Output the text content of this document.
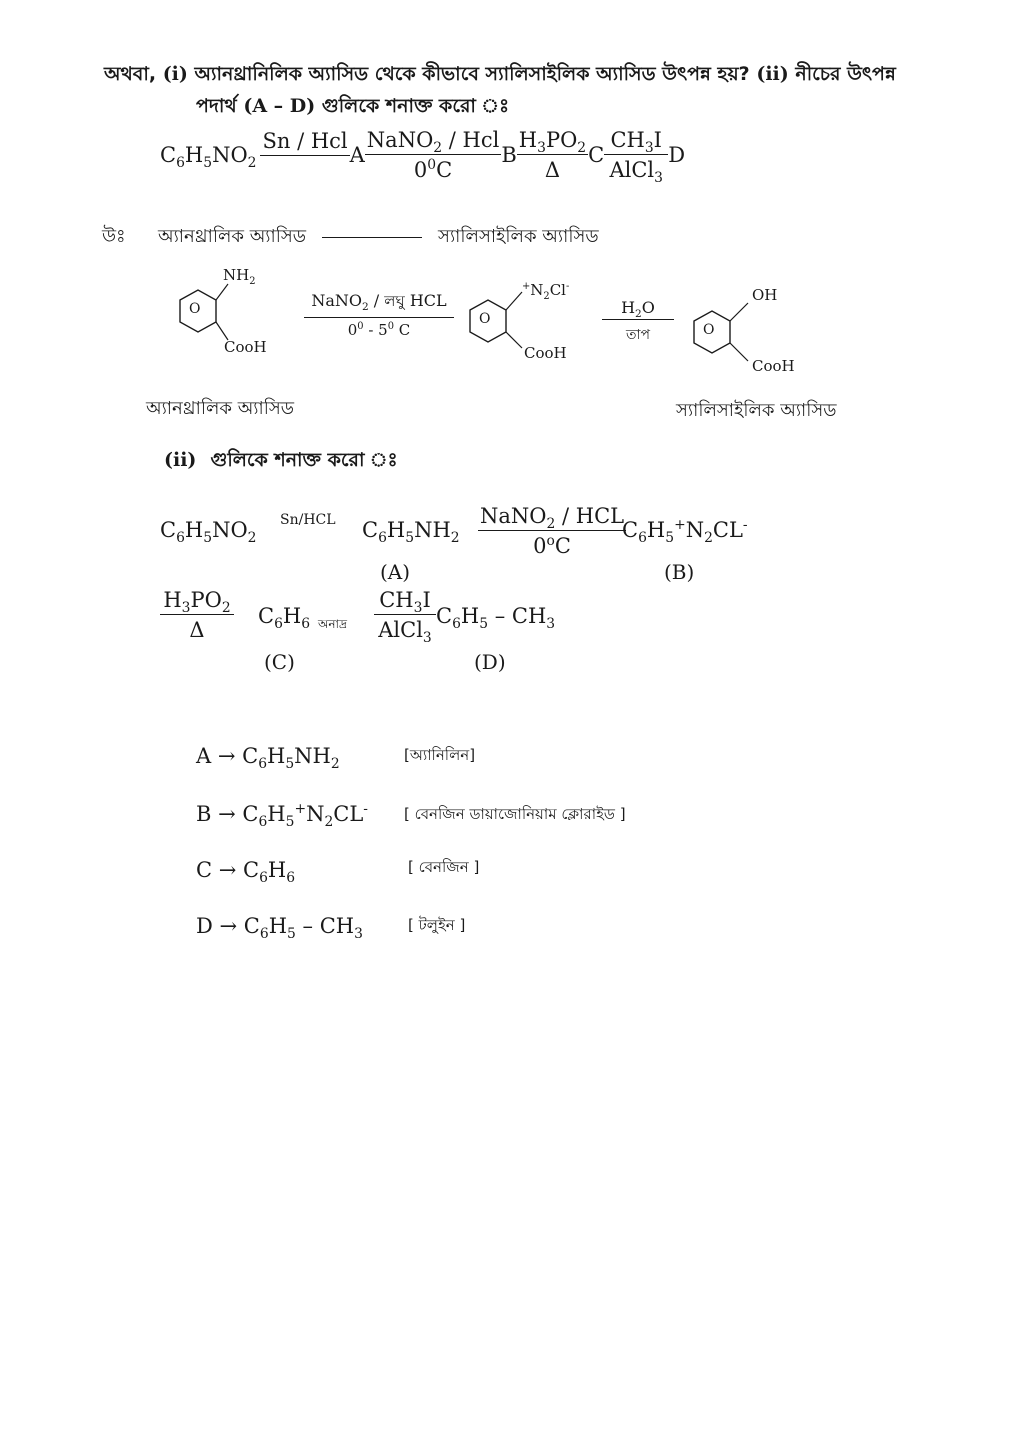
অথবা, (i) অ্যানথ্রানিলিক অ্যাসিড থেকে কীভাবে স্যালিসাইলিক অ্যাসিড উৎপন্ন হয়? (ii) নীচের উৎপন্ন
পদার্থ (A – D) গুলিকে শনাক্ত করো ঃ
$C_6H_5NO_2$
Sn / Hcl
A $\frac{NaNO_2 / Hcl}{0^0C}$ B $\frac{H_3PO_2}{\Delta}$ C $\frac{CH_3I}{AlCl_3}$ D
উঃ অ্যানথ্রালিক অ্যাসিড	স্যালিসাইলিক অ্যাসিড
O
$NH_2$
CooH
$\frac{NaNO_2 / লঘু HCL}{0^0 - 5^0 C}$ O
$^+N_2Cl^-$
CooH
$\frac{H_2O}{\text{তাপ}}$ O
OH
CooH
অ্যানথ্রালিক অ্যাসিড	স্যালিসাইলিক অ্যাসিড
(ii) গুলিকে শনাক্ত করো ঃ
$C_6H_5NO_2$
Sn/HCL $C_6H_5NH_2$
(A)
$\frac{NaNO_2 / HCL}{0^oC}$
$C_6H_5^+N_2CL^-$
(B)
$\frac{H_3PO_2}{\Delta} C_6H_6$
(C)
অনাদ্র $\frac{CH_3I}{AlCl_3} C_6H_5 - CH_3$
(D)
$A \to C_6H_5NH_2$
[অ্যানিলিন]
$B \to C_6H_5^+N_2CL^-$ [ বেনজিন ডায়াজোনিয়াম ক্লোরাইড ]
$C \to C_6H_6$
[ বেনজিন ]
$D \to C_6H_5 - CH_3$
[ টলুইন ]
